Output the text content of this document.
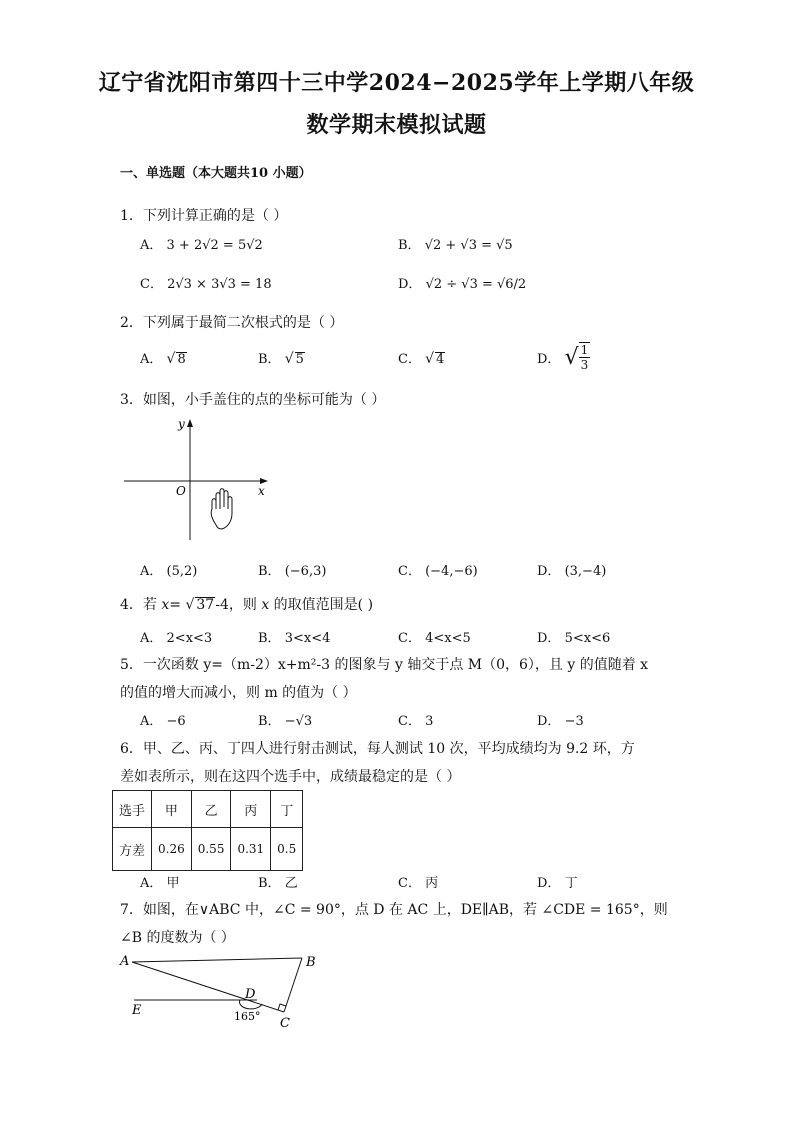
辽宁省沈阳市第四十三中学2024−2025学年上学期八年级
数学期末模拟试题
一、单选题（本大题共10 小题）
1．下列计算正确的是（ ）
A． 3 + 2√2 = 5√2	B． √2 + √3 = √5
C． 2√3 × 3√3 = 18	D． √2 ÷ √3 = √6/2
2．下列属于最简二次根式的是（ ）
A． √ 8	B． √ 5	C． √ 4	D． √ $\frac{1}{3}$
3．如图，小手盖住的点的坐标可能为（ ）
y
x
O
A． (5,2)	B． (−6,3)	C． (−4,−6)	D． (3,−4)
4．若 x= √ 37-4，则 x 的取值范围是( )
A． 2<x<3	B． 3<x<4	C． 4<x<5	D． 5<x<6
5．一次函数 y=（m-2）x+m²-3 的图象与 y 轴交于点 M（0，6），且 y 的值随着 x
的值的增大而减小，则 m 的值为（ ）
A． −6	B． −√3	C． 3	D． −3
6．甲、乙、丙、丁四人进行射击测试，每人测试 10 次，平均成绩均为 9.2 环，方
差如表所示，则在这四个选手中，成绩最稳定的是（ ）
选手	甲	乙	丙	丁
方差	0.26	0.55	0.31	0.5
A． 甲	B． 乙	C． 丙	D． 丁
7．如图，在∨ABC 中，∠C = 90°，点 D 在 AC 上，DE∥AB，若 ∠CDE = 165°，则
∠B 的度数为（ ）
A	B
C
D
E	165°
